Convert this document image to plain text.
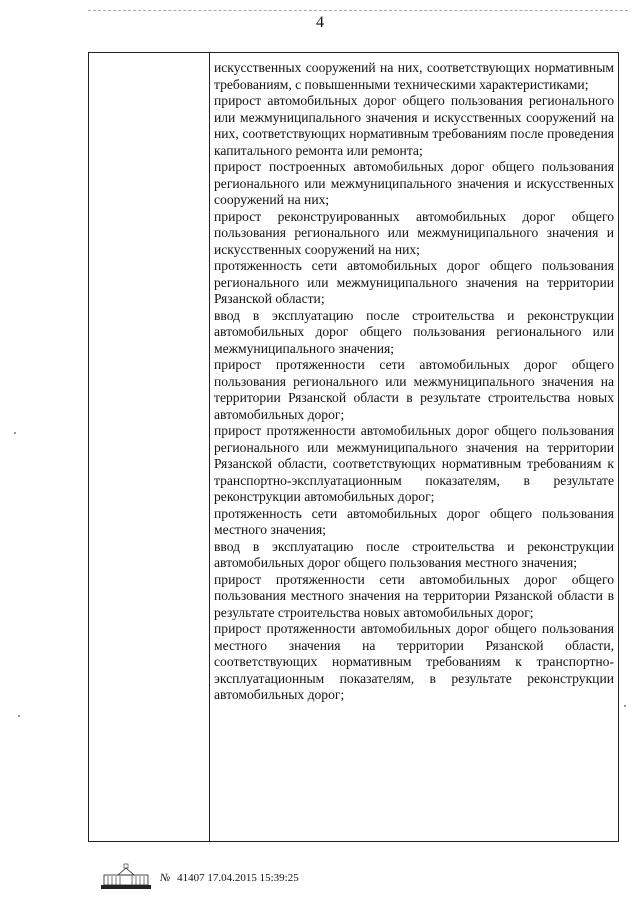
4

искусственных сооружений на них, соответствующих нормативным требованиям, с повышенными техническими характеристиками;

прирост автомобильных дорог общего пользования регионального или межмуниципального значения и искусственных сооружений на них, соответствующих нормативным требованиям после проведения капитального ремонта или ремонта;

прирост построенных автомобильных дорог общего пользования регионального или межмуниципального значения и искусственных сооружений на них;

прирост реконструированных автомобильных дорог общего пользования регионального или межмуниципального значения и искусственных сооружений на них;

протяженность сети автомобильных дорог общего пользования регионального или межмуниципального значения на территории Рязанской области;

ввод в эксплуатацию после строительства и реконструкции автомобильных дорог общего пользования регионального или межмуниципального значения;

прирост протяженности сети автомобильных дорог общего пользования регионального или межмуниципального значения на территории Рязанской области в результате строительства новых автомобильных дорог;

прирост протяженности автомобильных дорог общего пользования регионального или межмуниципального значения на территории Рязанской области, соответствующих нормативным требованиям к транспортно-эксплуатационным показателям, в результате реконструкции автомобильных дорог;

протяженность сети автомобильных дорог общего пользования местного значения;

ввод в эксплуатацию после строительства и реконструкции автомобильных дорог общего пользования местного значения;

прирост протяженности сети автомобильных дорог общего пользования местного значения на территории Рязанской области в результате строительства новых автомобильных дорог;

прирост протяженности автомобильных дорог общего пользования местного значения на территории Рязанской области, соответствующих нормативным требованиям к транспортно-эксплуатационным показателям, в результате реконструкции автомобильных дорог;

№ 41407 17.04.2015 15:39:25
